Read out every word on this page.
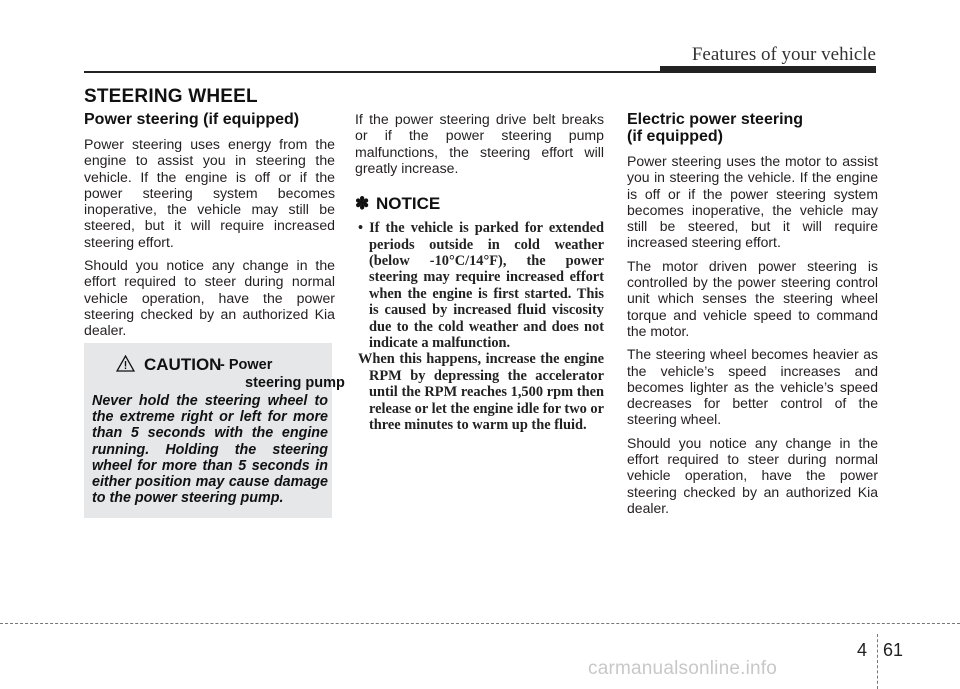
Features of your vehicle
STEERING WHEEL
Power steering (if equipped)

Power steering uses energy from the engine to assist you in steering the vehicle. If the engine is off or if the power steering system becomes inoperative, the vehicle may still be steered, but it will require increased steering effort.

Should you notice any change in the effort required to steer during normal vehicle operation, have the power steering checked by an authorized Kia dealer.

CAUTION
- Power
steering pump
Never hold the steering wheel to the extreme right or left for more than 5 seconds with the engine running. Holding the steering wheel for more than 5 seconds in either position may cause damage to the power steering pump.

If the power steering drive belt breaks or if the power steering pump malfunctions, the steering effort will greatly increase.

✽ NOTICE
• If the vehicle is parked for extended periods outside in cold weather (below -10°C/14°F), the power steering may require increased effort when the engine is first started. This is caused by increased fluid viscosity due to the cold weather and does not indicate a malfunction.
When this happens, increase the engine RPM by depressing the accelerator until the RPM reaches 1,500 rpm then release or let the engine idle for two or three minutes to warm up the fluid.
Electric power steering
(if equipped)

Power steering uses the motor to assist you in steering the vehicle. If the engine is off or if the power steering system becomes inoperative, the vehicle may still be steered, but it will require increased steering effort.

The motor driven power steering is controlled by the power steering control unit which senses the steering wheel torque and vehicle speed to command the motor.

The steering wheel becomes heavier as the vehicle’s speed increases and becomes lighter as the vehicle’s speed decreases for better control of the steering wheel.

Should you notice any change in the effort required to steer during normal vehicle operation, have the power steering checked by an authorized Kia dealer.

4 61
carmanualsonline.info
